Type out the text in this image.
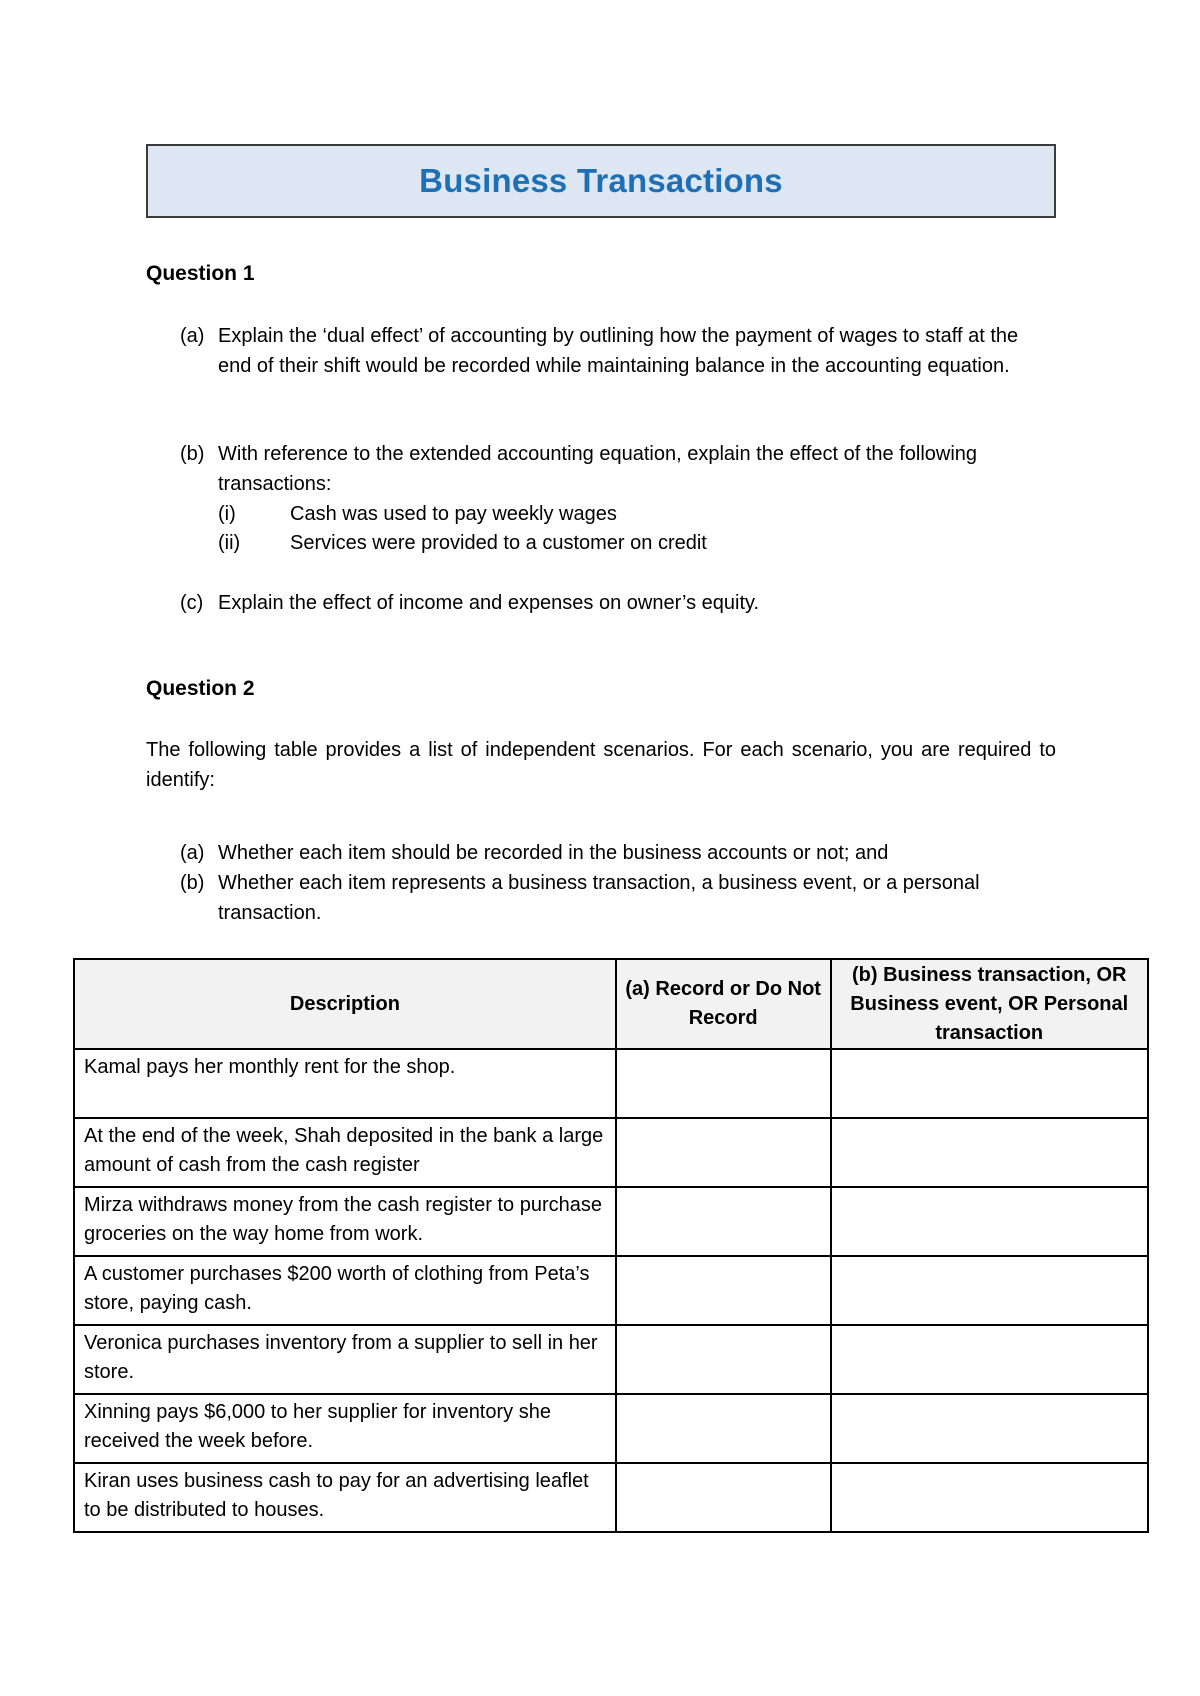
Business Transactions
Question 1
(a) Explain the ‘dual effect’ of accounting by outlining how the payment of wages to staff at the end of their shift would be recorded while maintaining balance in the accounting equation.
(b) With reference to the extended accounting equation, explain the effect of the following transactions:
(i)	Cash was used to pay weekly wages
(ii) Services were provided to a customer on credit
(c) Explain the effect of income and expenses on owner’s equity.
Question 2
The following table provides a list of independent scenarios. For each scenario, you are required to identify:
(a) Whether each item should be recorded in the business accounts or not; and
(b) Whether each item represents a business transaction, a business event, or a personal transaction.
Description	(a) Record or Do Not Record	(b) Business transaction, OR Business event, OR Personal transaction
Kamal pays her monthly rent for the shop.		
At the end of the week, Shah deposited in the bank a large amount of cash from the cash register		
Mirza withdraws money from the cash register to purchase groceries on the way home from work.		
A customer purchases $200 worth of clothing from Peta’s store, paying cash.		
Veronica purchases inventory from a supplier to sell in her store.		
Xinning pays $6,000 to her supplier for inventory she received the week before.		
Kiran uses business cash to pay for an advertising leaflet to be distributed to houses.		
